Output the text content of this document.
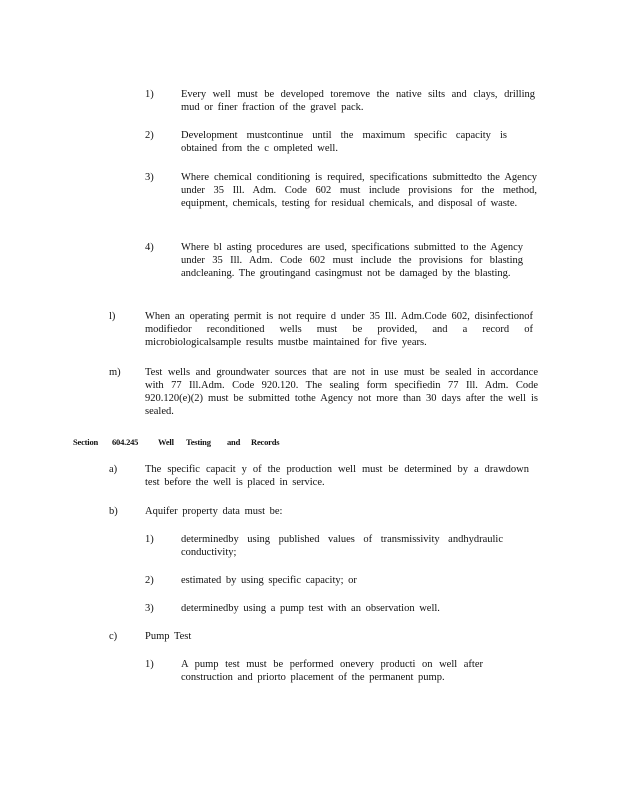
1)	Every well must be developed toremove the native silts and clays, drilling mud or finer fraction of the gravel pack.

2)	Development mustcontinue until the maximum specific capacity is obtained from the c ompleted well.

3)	Where chemical conditioning is required, specifications submittedto the Agency under 35 Ill. Adm. Code 602 must include provisions for the method, equipment, chemicals, testing for residual chemicals, and disposal of waste.

4)	Where bl asting procedures are used, specifications submitted to the Agency under 35 Ill. Adm. Code 602 must include the provisions for blasting andcleaning. The groutingand casingmust not be damaged by the blasting.

l)	When an operating permit is not require d under 35 Ill. Adm.Code 602, disinfectionof modifiedor reconditioned wells must be provided, and a record of microbiologicalsample results mustbe maintained for five years.

m) Test wells and groundwater sources that are not in use must be sealed in accordance with 77 Ill.Adm. Code 920.120. The sealing form specifiedin 77 Ill. Adm. Code 920.120(e)(2) must be submitted tothe Agency not more than 30 days after the well is sealed.

Section 604.245 Well Testing and Records
a)	The specific capacit y of the production well must be determined by a drawdown test before the well is placed in service.

b)	Aquifer property data must be:

1)	determinedby using published values of transmissivity andhydraulic conductivity;

2)	estimated by using specific capacity; or

3)	determinedby using a pump test with an observation well.

c)	Pump Test

1)	A pump test must be performed onevery producti on well after construction and priorto placement of the permanent pump.
